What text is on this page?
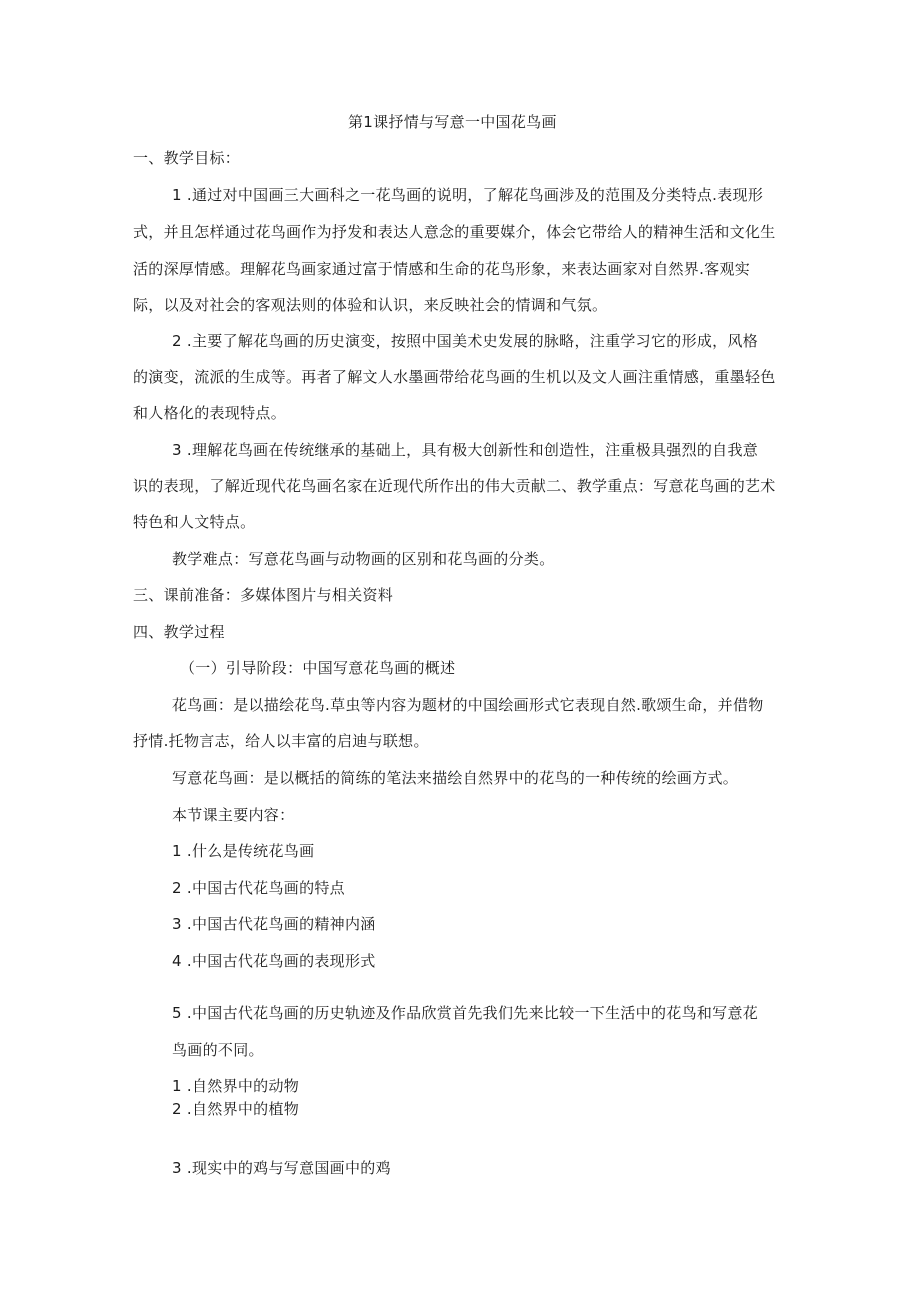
第1课抒情与写意一中国花鸟画
一、教学目标：
1 .通过对中国画三大画科之一花鸟画的说明，了解花鸟画涉及的范围及分类特点.表现形
式，并且怎样通过花鸟画作为抒发和表达人意念的重要媒介，体会它带给人的精神生活和文化生
活的深厚情感。理解花鸟画家通过富于情感和生命的花鸟形象，来表达画家对自然界.客观实
际，以及对社会的客观法则的体验和认识，来反映社会的情调和气氛。
2 .主要了解花鸟画的历史演变，按照中国美术史发展的脉略，注重学习它的形成，风格
的演变，流派的生成等。再者了解文人水墨画带给花鸟画的生机以及文人画注重情感，重墨轻色
和人格化的表现特点。
3 .理解花鸟画在传统继承的基础上，具有极大创新性和创造性，注重极具强烈的自我意
识的表现，了解近现代花鸟画名家在近现代所作出的伟大贡献二、教学重点：写意花鸟画的艺术
特色和人文特点。
教学难点：写意花鸟画与动物画的区别和花鸟画的分类。
三、课前准备：多媒体图片与相关资料
四、教学过程
（一）引导阶段：中国写意花鸟画的概述
花鸟画：是以描绘花鸟.草虫等内容为题材的中国绘画形式它表现自然.歌颂生命，并借物
抒情.托物言志，给人以丰富的启迪与联想。
写意花鸟画：是以概括的简练的笔法来描绘自然界中的花鸟的一种传统的绘画方式。
本节课主要内容：
1 .什么是传统花鸟画
2 .中国古代花鸟画的特点
3 .中国古代花鸟画的精神内涵
4 .中国古代花鸟画的表现形式
5 .中国古代花鸟画的历史轨迹及作品欣赏首先我们先来比较一下生活中的花鸟和写意花
鸟画的不同。
1 .自然界中的动物
2 .自然界中的植物
3 .现实中的鸡与写意国画中的鸡
